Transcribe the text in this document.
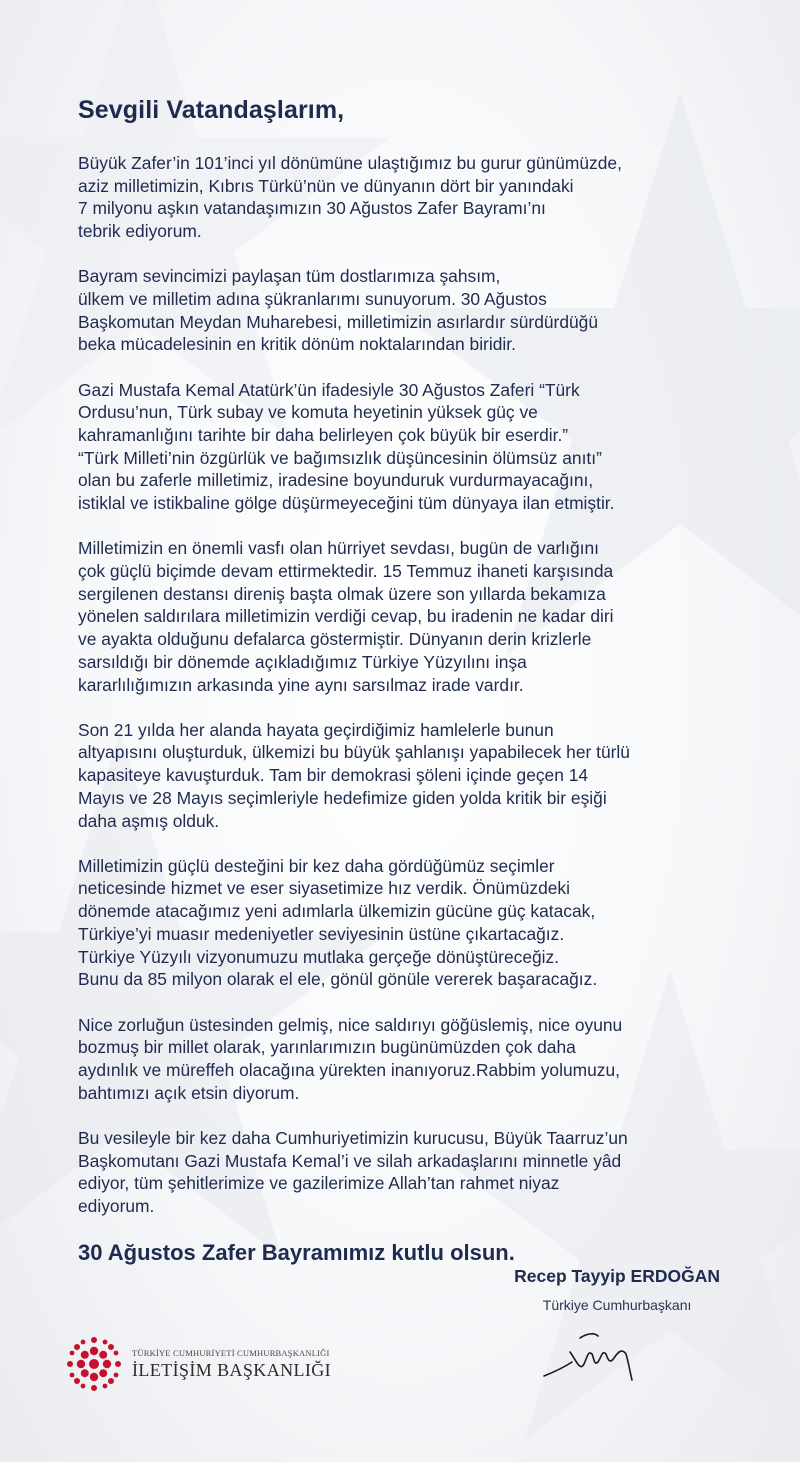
Sevgili Vatandaşlarım,

Büyük Zafer’in 101’inci yıl dönümüne ulaştığımız bu gurur günümüzde,
aziz milletimizin, Kıbrıs Türkü’nün ve dünyanın dört bir yanındaki
7 milyonu aşkın vatandaşımızın 30 Ağustos Zafer Bayramı’nı
tebrik ediyorum.

Bayram sevincimizi paylaşan tüm dostlarımıza şahsım,
ülkem ve milletim adına şükranlarımı sunuyorum. 30 Ağustos
Başkomutan Meydan Muharebesi, milletimizin asırlardır sürdürdüğü
beka mücadelesinin en kritik dönüm noktalarından biridir.

Gazi Mustafa Kemal Atatürk’ün ifadesiyle 30 Ağustos Zaferi “Türk
Ordusu’nun, Türk subay ve komuta heyetinin yüksek güç ve
kahramanlığını tarihte bir daha belirleyen çok büyük bir eserdir.”
“Türk Milleti’nin özgürlük ve bağımsızlık düşüncesinin ölümsüz anıtı”
olan bu zaferle milletimiz, iradesine boyunduruk vurdurmayacağını,
istiklal ve istikbaline gölge düşürmeyeceğini tüm dünyaya ilan etmiştir.

Milletimizin en önemli vasfı olan hürriyet sevdası, bugün de varlığını
çok güçlü biçimde devam ettirmektedir. 15 Temmuz ihaneti karşısında
sergilenen destansı direniş başta olmak üzere son yıllarda bekamıza
yönelen saldırılara milletimizin verdiği cevap, bu iradenin ne kadar diri
ve ayakta olduğunu defalarca göstermiştir. Dünyanın derin krizlerle
sarsıldığı bir dönemde açıkladığımız Türkiye Yüzyılını inşa
kararlılığımızın arkasında yine aynı sarsılmaz irade vardır.

Son 21 yılda her alanda hayata geçirdiğimiz hamlelerle bunun
altyapısını oluşturduk, ülkemizi bu büyük şahlanışı yapabilecek her türlü
kapasiteye kavuşturduk. Tam bir demokrasi şöleni içinde geçen 14
Mayıs ve 28 Mayıs seçimleriyle hedefimize giden yolda kritik bir eşiği
daha aşmış olduk.

Milletimizin güçlü desteğini bir kez daha gördüğümüz seçimler
neticesinde hizmet ve eser siyasetimize hız verdik. Önümüzdeki
dönemde atacağımız yeni adımlarla ülkemizin gücüne güç katacak,
Türkiye’yi muasır medeniyetler seviyesinin üstüne çıkartacağız.
Türkiye Yüzyılı vizyonumuzu mutlaka gerçeğe dönüştüreceğiz.
Bunu da 85 milyon olarak el ele, gönül gönüle vererek başaracağız.

Nice zorluğun üstesinden gelmiş, nice saldırıyı göğüslemiş, nice oyunu
bozmuş bir millet olarak, yarınlarımızın bugünümüzden çok daha
aydınlık ve müreffeh olacağına yürekten inanıyoruz.Rabbim yolumuzu,
bahtımızı açık etsin diyorum.

Bu vesileyle bir kez daha Cumhuriyetimizin kurucusu, Büyük Taarruz’un
Başkomutanı Gazi Mustafa Kemal’i ve silah arkadaşlarını minnetle yâd
ediyor, tüm şehitlerimize ve gazilerimize Allah’tan rahmet niyaz
ediyorum.

30 Ağustos Zafer Bayramımız kutlu olsun.
Recep Tayyip ERDOĞAN
Türkiye Cumhurbaşkanı
TÜRKİYE CUMHURİYETİ CUMHURBAŞKANLIĞI
İLETİŞİM BAŞKANLIĞI
